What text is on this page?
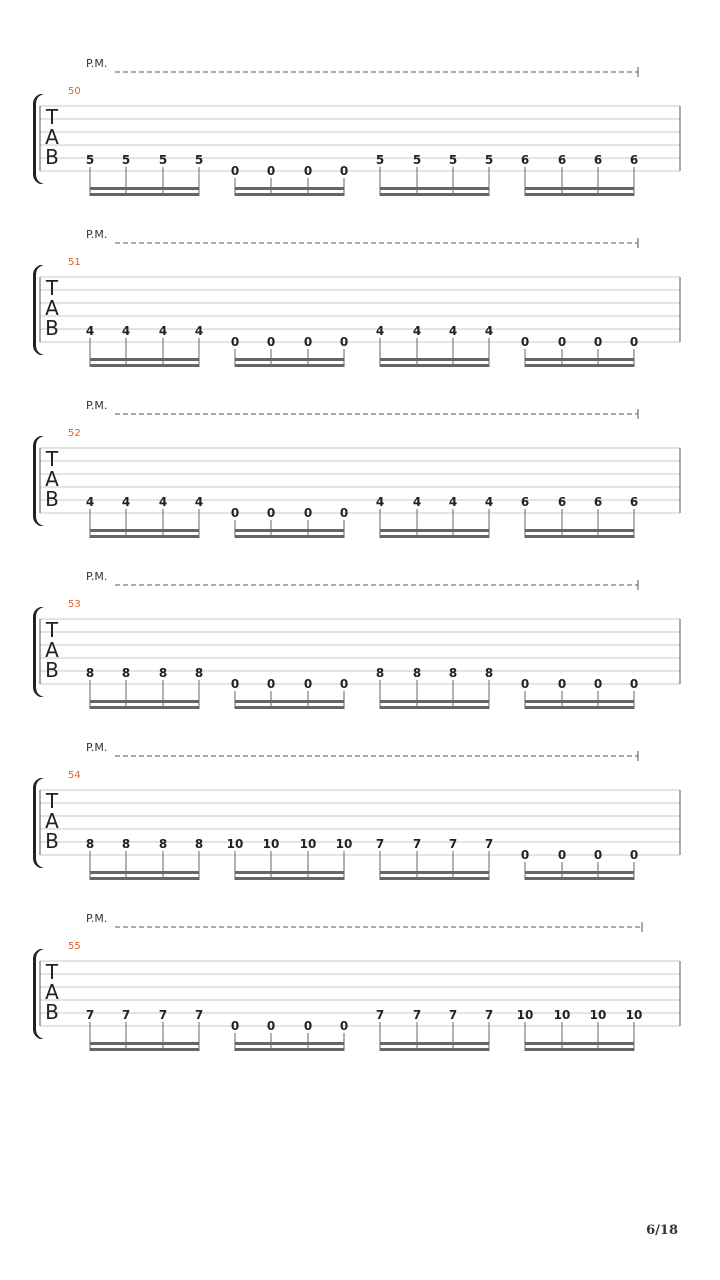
P.M.
50
T
A
B 5 5 5 5
0 0 0 0
5 5 5 5 6 6 6 6
P.M.
51
T
A
B 4 4 4 4
0 0 0 0
4 4 4 4
0 0 0 0
P.M.
52
T
A
B 4 4 4 4
0 0 0 0
4 4 4 4 6 6 6 6
P.M.
53
T
A
B 8 8 8 8
0 0 0 0
8 8 8 8
0 0 0 0
P.M.
54
T
A
B 8 8 8 8 10 10 10 10 7 7 7 7
0 0 0 0
P.M.
55
T
A
B 7 7 7 7
0 0 0 0
7 7 7 7 10 10 10 10
6/18
